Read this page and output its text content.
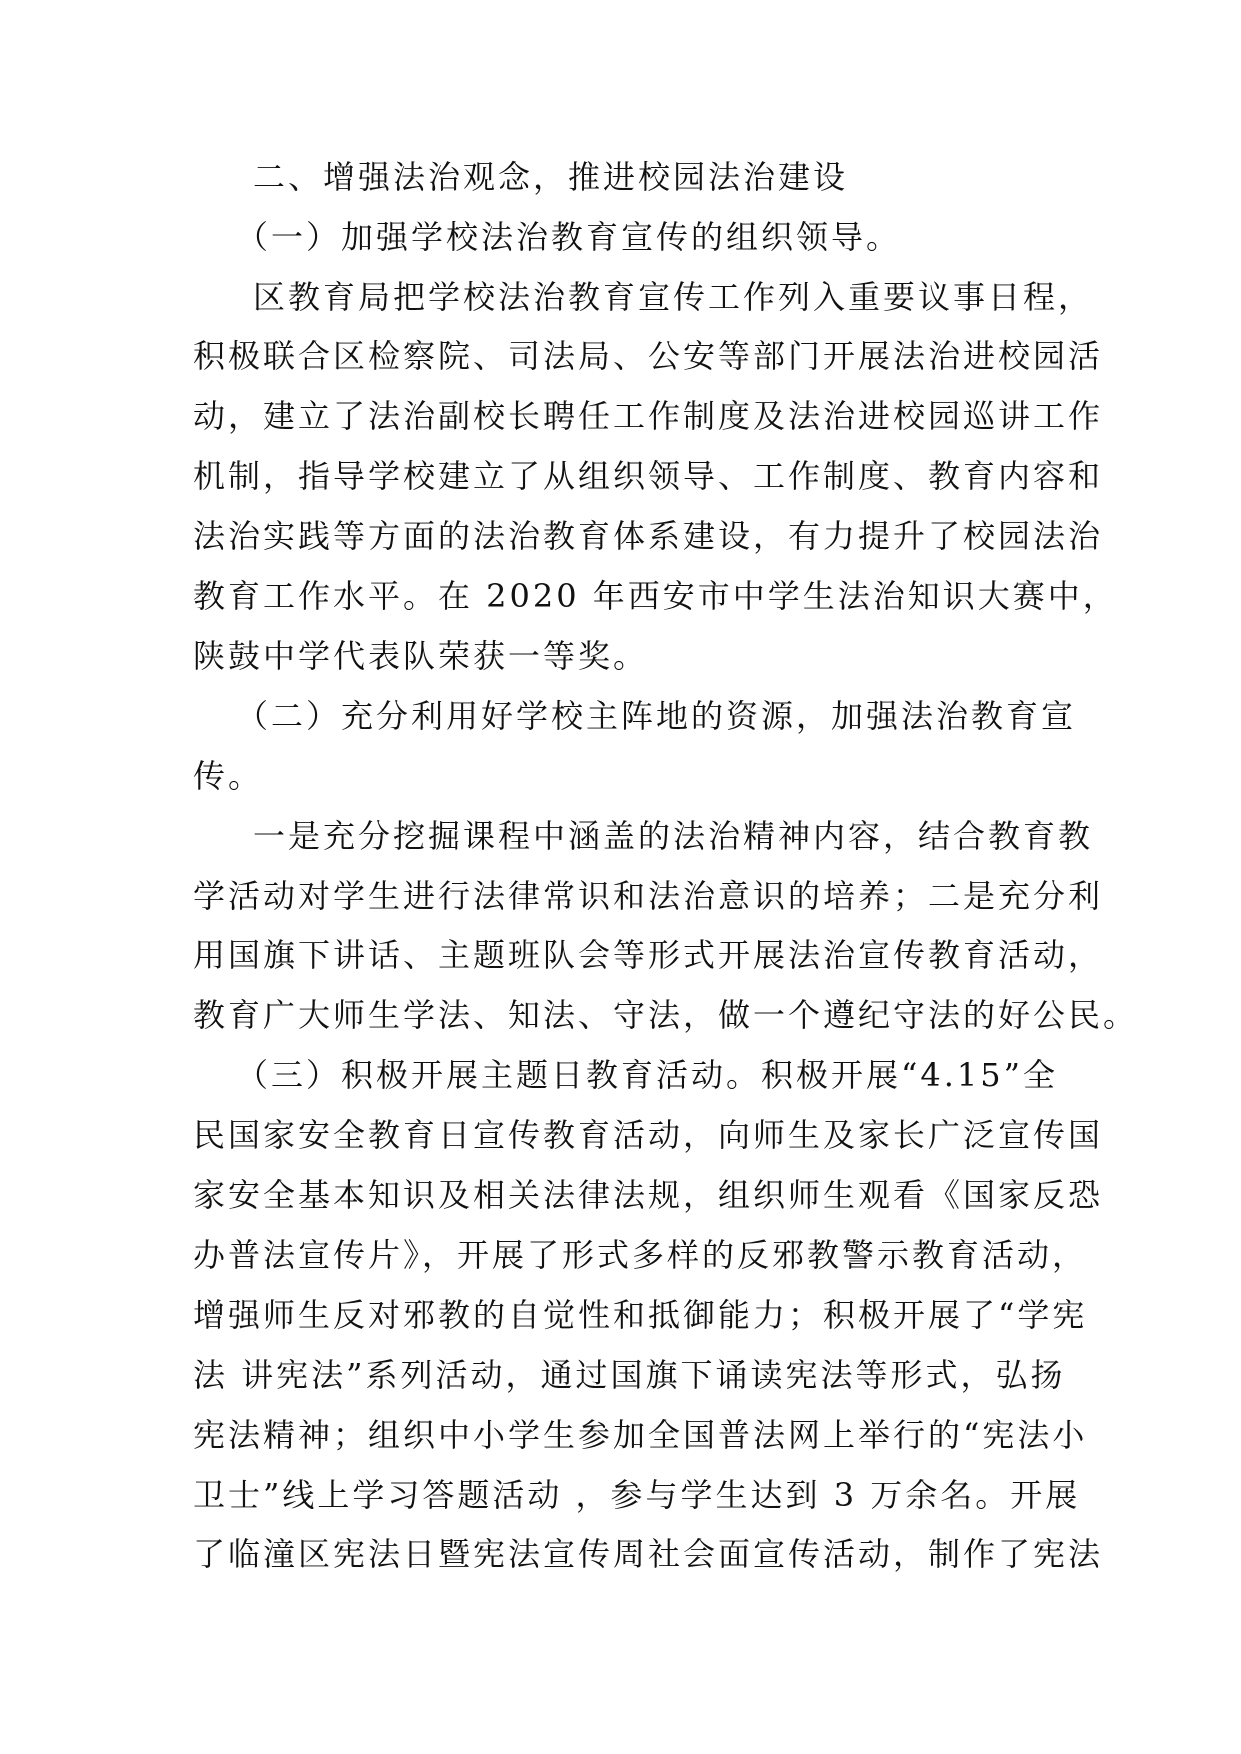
二、增强法治观念，推进校园法治建设
（一）加强学校法治教育宣传的组织领导。
区教育局把学校法治教育宣传工作列入重要议事日程，
积极联合区检察院、司法局、公安等部门开展法治进校园活
动，建立了法治副校长聘任工作制度及法治进校园巡讲工作
机制，指导学校建立了从组织领导、工作制度、教育内容和
法治实践等方面的法治教育体系建设，有力提升了校园法治
教育工作水平。在 2020 年西安市中学生法治知识大赛中，
陕鼓中学代表队荣获一等奖。
（二）充分利用好学校主阵地的资源，加强法治教育宣
传。
一是充分挖掘课程中涵盖的法治精神内容，结合教育教
学活动对学生进行法律常识和法治意识的培养；二是充分利
用国旗下讲话、主题班队会等形式开展法治宣传教育活动，
教育广大师生学法、知法、守法，做一个遵纪守法的好公民。
（三）积极开展主题日教育活动。积极开展“4.15”全
民国家安全教育日宣传教育活动，向师生及家长广泛宣传国
家安全基本知识及相关法律法规，组织师生观看《国家反恐
办普法宣传片》，开展了形式多样的反邪教警示教育活动，
增强师生反对邪教的自觉性和抵御能力；积极开展了“学宪
法 讲宪法”系列活动，通过国旗下诵读宪法等形式，弘扬
宪法精神；组织中小学生参加全国普法网上举行的“宪法小
卫士”线上学习答题活动 ，参与学生达到 3 万余名。开展
了临潼区宪法日暨宪法宣传周社会面宣传活动，制作了宪法
